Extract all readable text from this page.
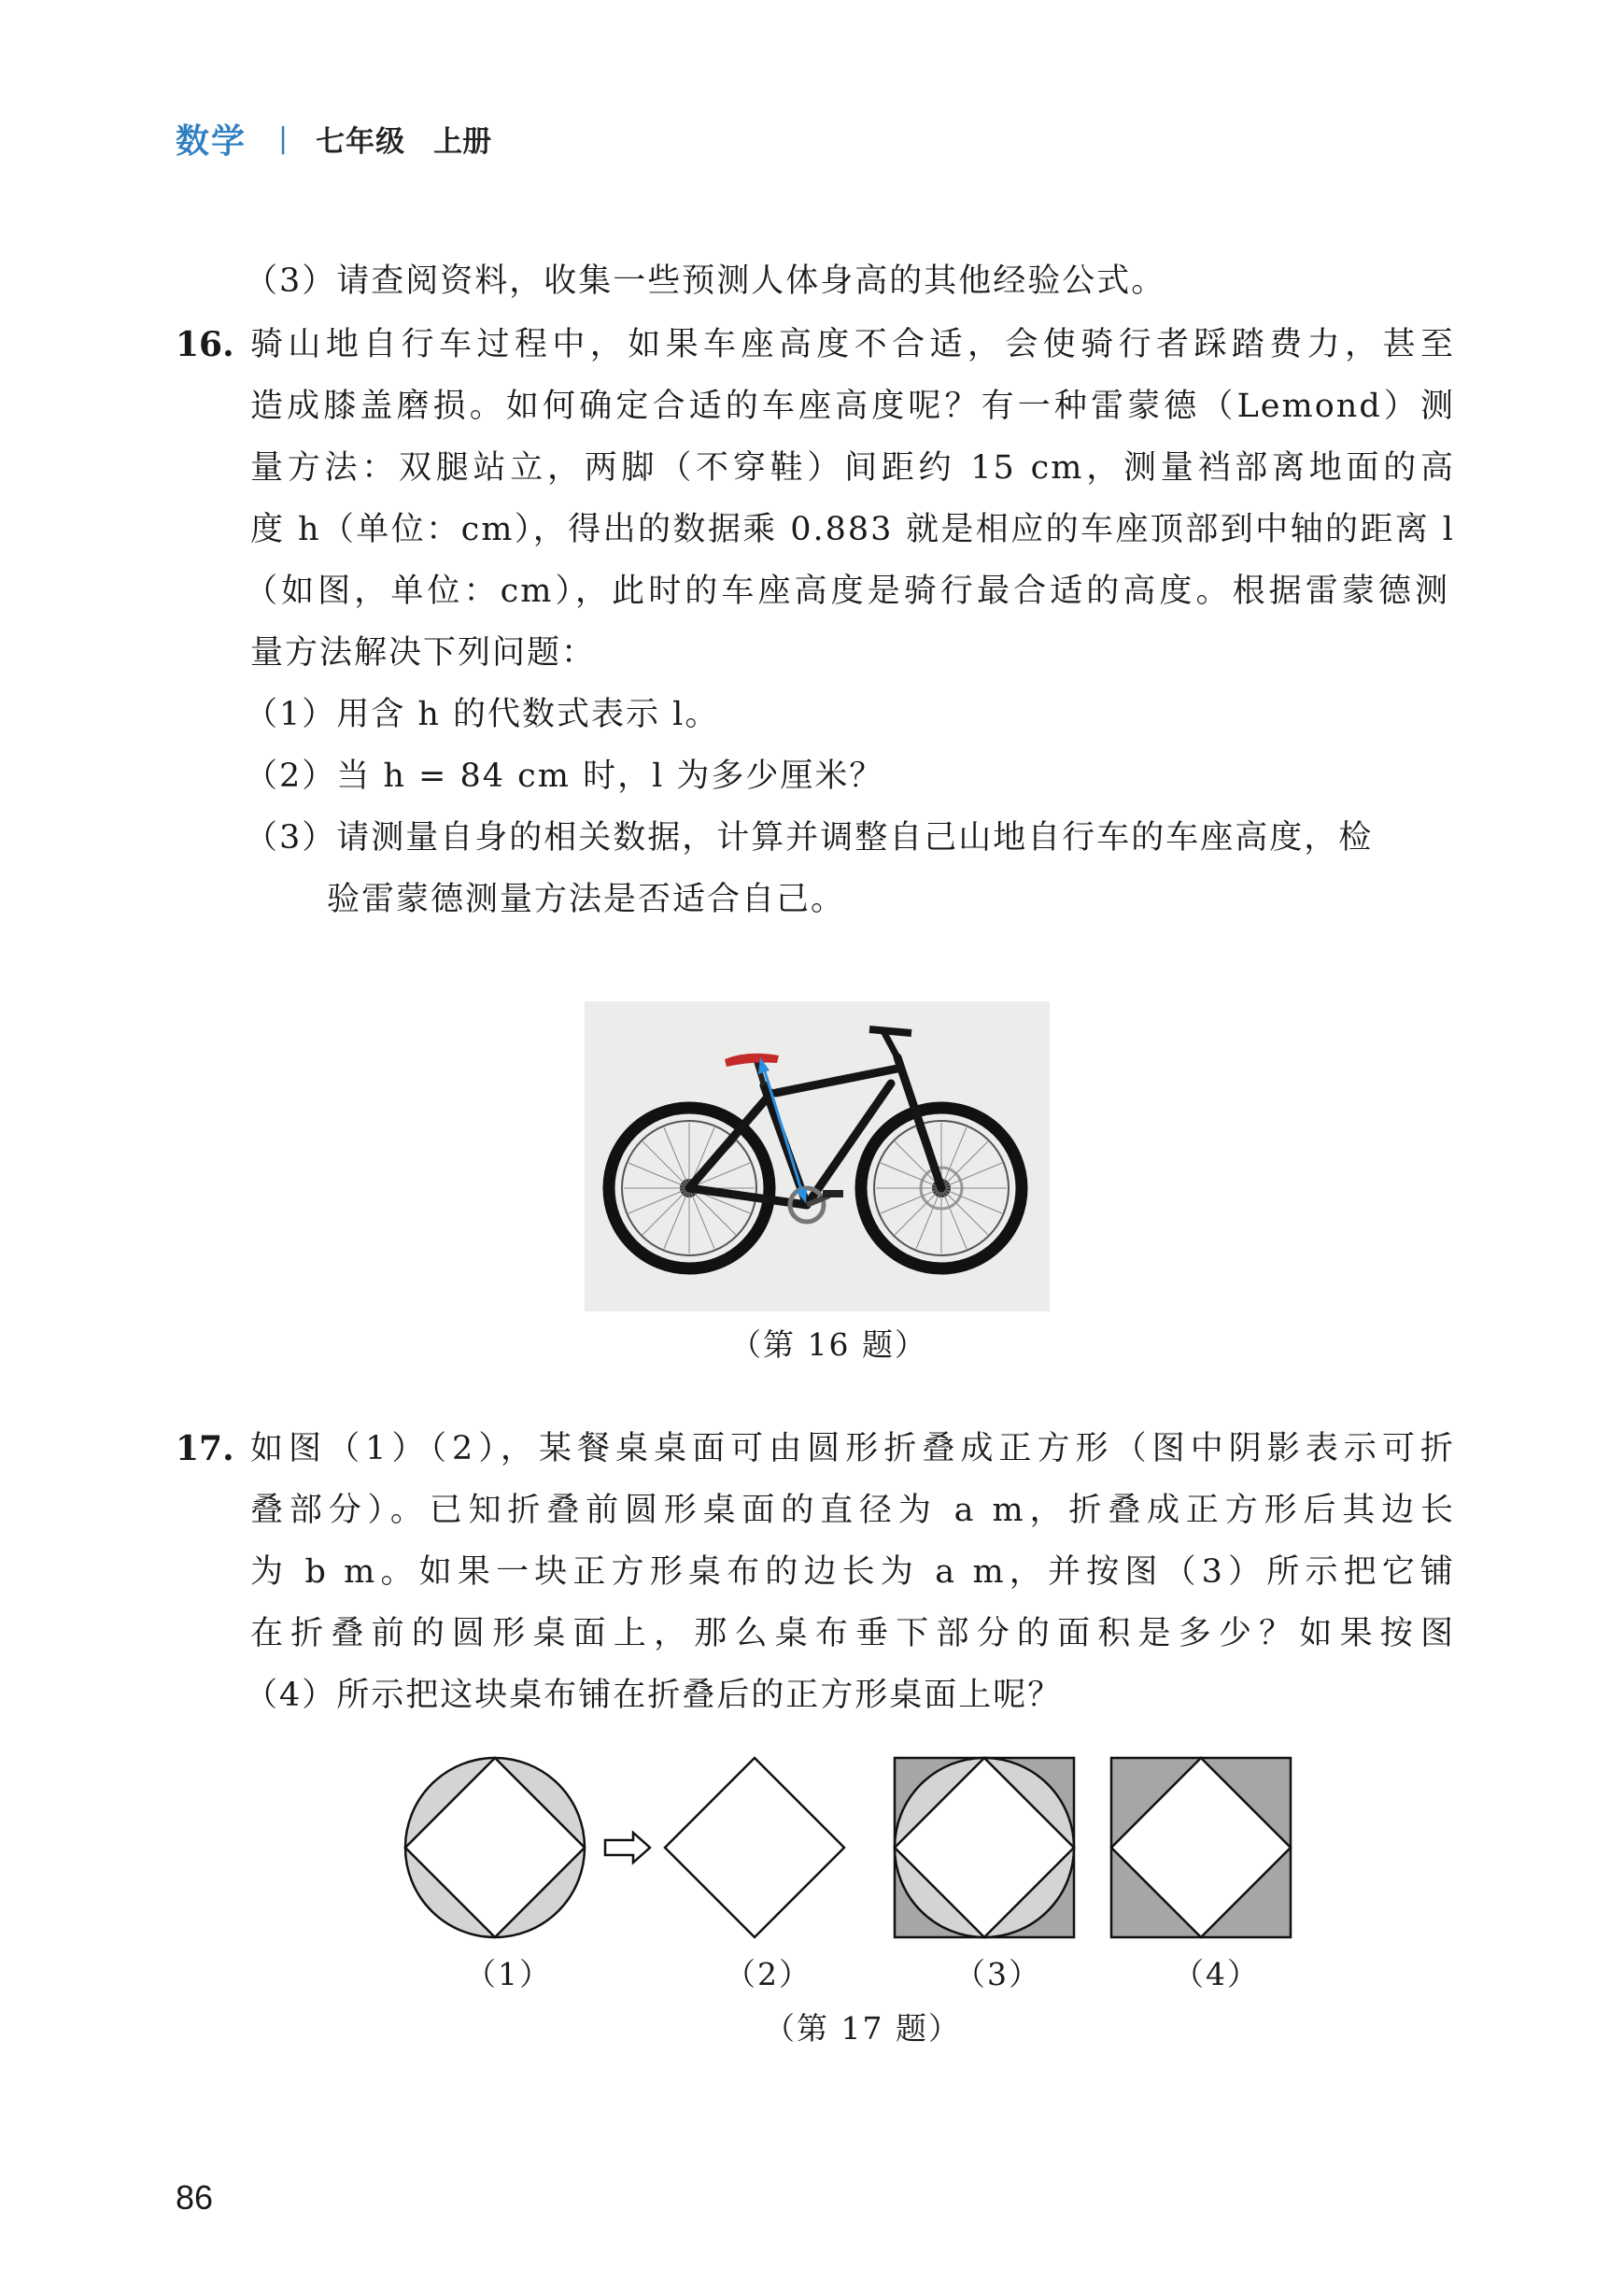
数学 | 七年级 上册
（3）请查阅资料，收集一些预测人体身高的其他经验公式。
16. 骑山地自行车过程中，如果车座高度不合适，会使骑行者踩踏费力，甚至
造成膝盖磨损。如何确定合适的车座高度呢？有一种雷蒙德（Lemond）测
量方法：双腿站立，两脚（不穿鞋）间距约 15 cm，测量裆部离地面的高
度 h（单位：cm），得出的数据乘 0.883 就是相应的车座顶部到中轴的距离 l
（如图，单位：cm），此时的车座高度是骑行最合适的高度。根据雷蒙德测
量方法解决下列问题：
（1）用含 h 的代数式表示 l。
（2）当 h = 84 cm 时，l 为多少厘米？
（3）请测量自身的相关数据，计算并调整自己山地自行车的车座高度，检
验雷蒙德测量方法是否适合自己。
（第 16 题）
17. 如图（1）（2），某餐桌桌面可由圆形折叠成正方形（图中阴影表示可折
叠部分）。已知折叠前圆形桌面的直径为 a m，折叠成正方形后其边长
为 b m。如果一块正方形桌布的边长为 a m，并按图（3）所示把它铺
在折叠前的圆形桌面上，那么桌布垂下部分的面积是多少？如果按图
（4）所示把这块桌布铺在折叠后的正方形桌面上呢？
（1）	（2）	（3）	（4）
（第 17 题）
86
